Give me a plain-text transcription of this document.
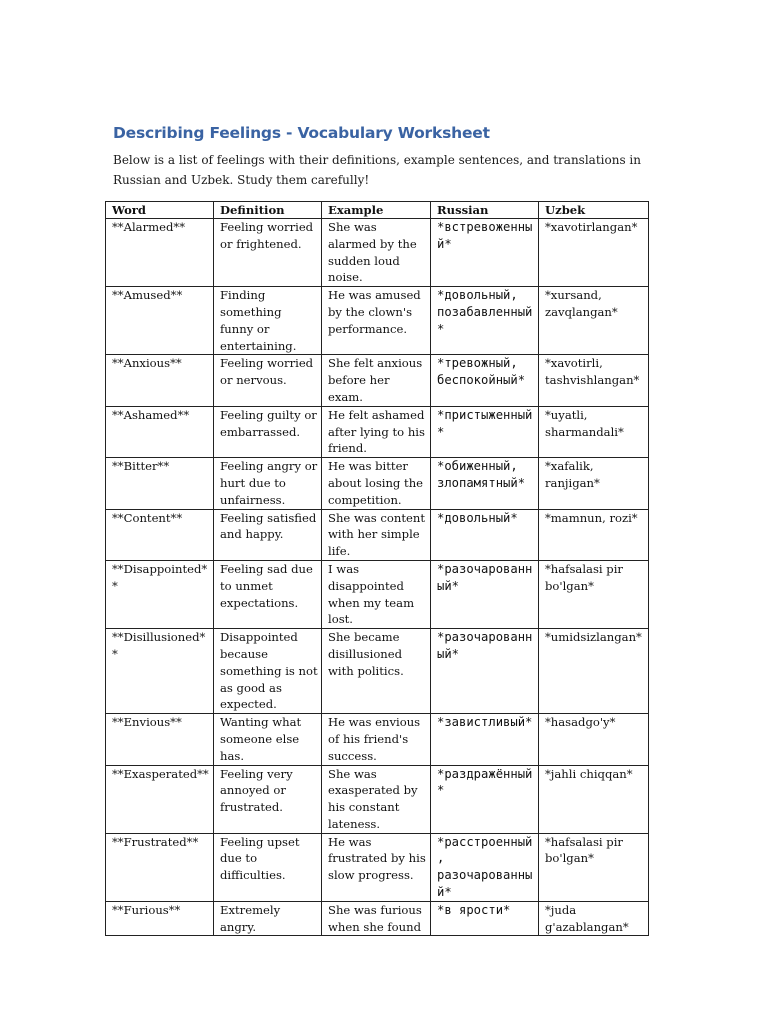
Describing Feelings - Vocabulary Worksheet
Below is a list of feelings with their definitions, example sentences, and translations in Russian and Uzbek. Study them carefully!
Word	Definition	Example	Russian	Uzbek
**Alarmed**	Feeling worried or frightened.	She was alarmed by the sudden loud noise.	*встревоженный*	*xavotirlangan*
**Amused**	Finding something funny or entertaining.	He was amused by the clown's performance.	*довольный, позабавленный*	*xursand, zavqlangan*
**Anxious**	Feeling worried or nervous.	She felt anxious before her exam.	*тревожный, беспокойный*	*xavotirli, tashvishlangan*
**Ashamed**	Feeling guilty or embarrassed.	He felt ashamed after lying to his friend.	*пристыженный*	*uyatli, sharmandali*
**Bitter**	Feeling angry or hurt due to unfairness.	He was bitter about losing the competition.	*обиженный, злопамятный*	*xafalik, ranjigan*
**Content**	Feeling satisfied and happy.	She was content with her simple life.	*довольный*	*mamnun, rozi*
**Disappointed**	Feeling sad due to unmet expectations.	I was disappointed when my team lost.	*разочарованный*	*hafsalasi pir bo'lgan*
**Disillusioned**	Disappointed because something is not as good as expected.	She became disillusioned with politics.	*разочарованный*	*umidsizlangan*
**Envious**	Wanting what someone else has.	He was envious of his friend's success.	*завистливый*	*hasadgo'y*
**Exasperated**	Feeling very annoyed or frustrated.	She was exasperated by his constant lateness.	*раздражённый*	*jahli chiqqan*
**Frustrated**	Feeling upset due to difficulties.	He was frustrated by his slow progress.	*расстроенный, разочарованный*	*hafsalasi pir bo'lgan*
**Furious**	Extremely angry.	She was furious when she found	*в ярости*	*juda g'azablangan*
